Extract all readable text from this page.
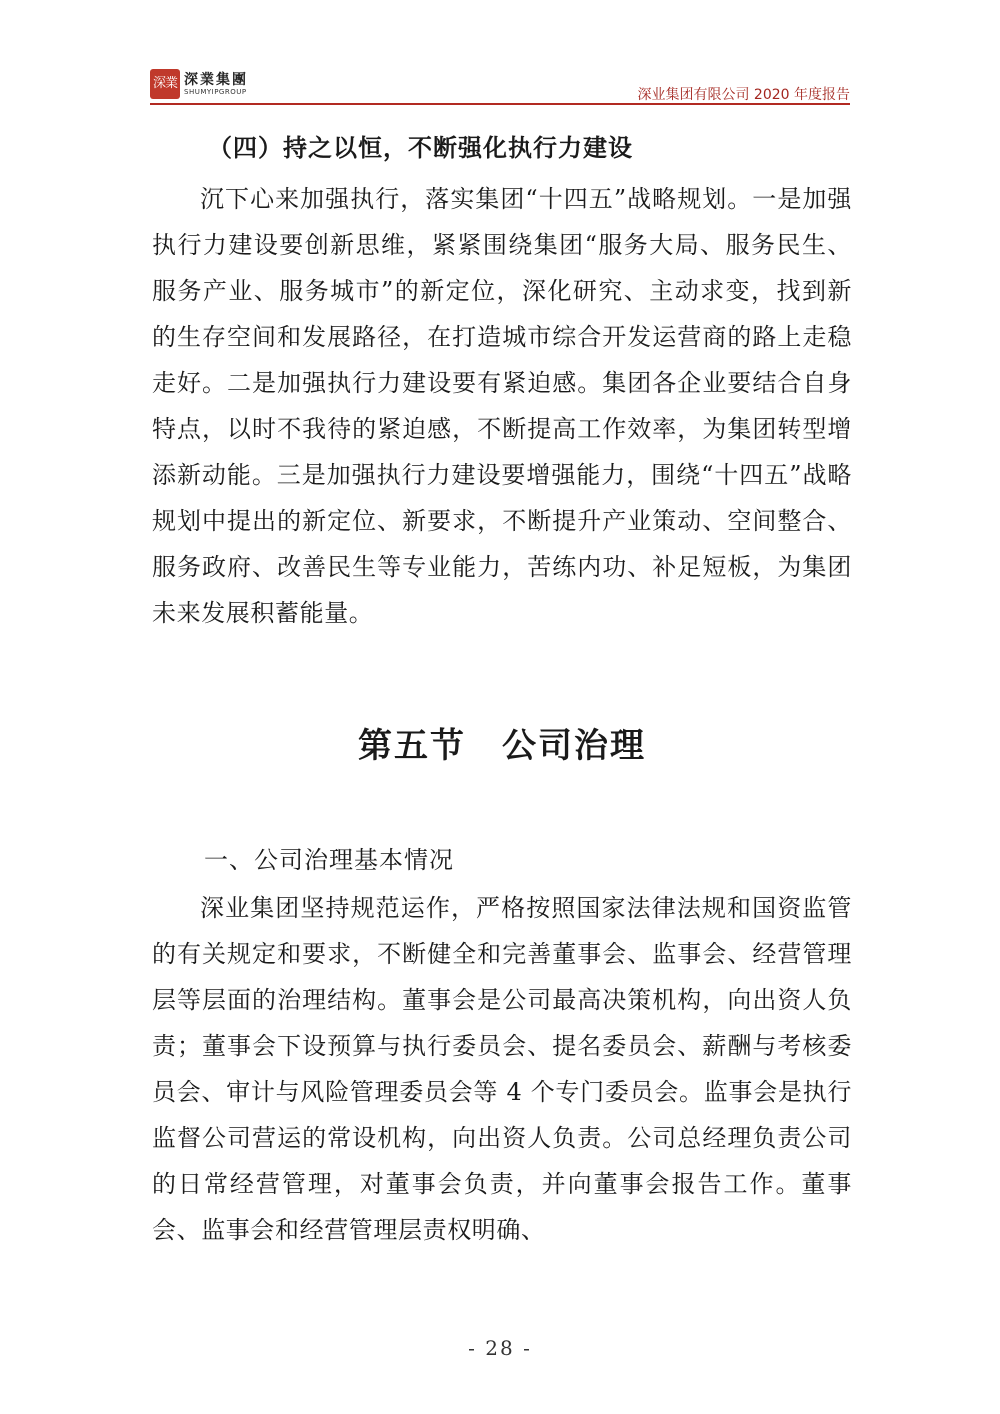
深業 深業集團
SHUMYIPGROUP	深业集团有限公司 2020 年度报告

（四）持之以恒，不断强化执行力建设

沉下心来加强执行，落实集团“十四五”战略规划。一是加强执行力建设要创新思维，紧紧围绕集团“服务大局、服务民生、服务产业、服务城市”的新定位，深化研究、主动求变，找到新的生存空间和发展路径，在打造城市综合开发运营商的路上走稳走好。二是加强执行力建设要有紧迫感。集团各企业要结合自身特点，以时不我待的紧迫感，不断提高工作效率，为集团转型增添新动能。三是加强执行力建设要增强能力，围绕“十四五”战略规划中提出的新定位、新要求，不断提升产业策动、空间整合、服务政府、改善民生等专业能力，苦练内功、补足短板，为集团未来发展积蓄能量。

第五节　公司治理

一、公司治理基本情况

深业集团坚持规范运作，严格按照国家法律法规和国资监管的有关规定和要求，不断健全和完善董事会、监事会、经营管理层等层面的治理结构。董事会是公司最高决策机构，向出资人负责；董事会下设预算与执行委员会、提名委员会、薪酬与考核委员会、审计与风险管理委员会等 4 个专门委员会。监事会是执行监督公司营运的常设机构，向出资人负责。公司总经理负责公司的日常经营管理，对董事会负责，并向董事会报告工作。董事会、监事会和经营管理层责权明确、

- 28 -
